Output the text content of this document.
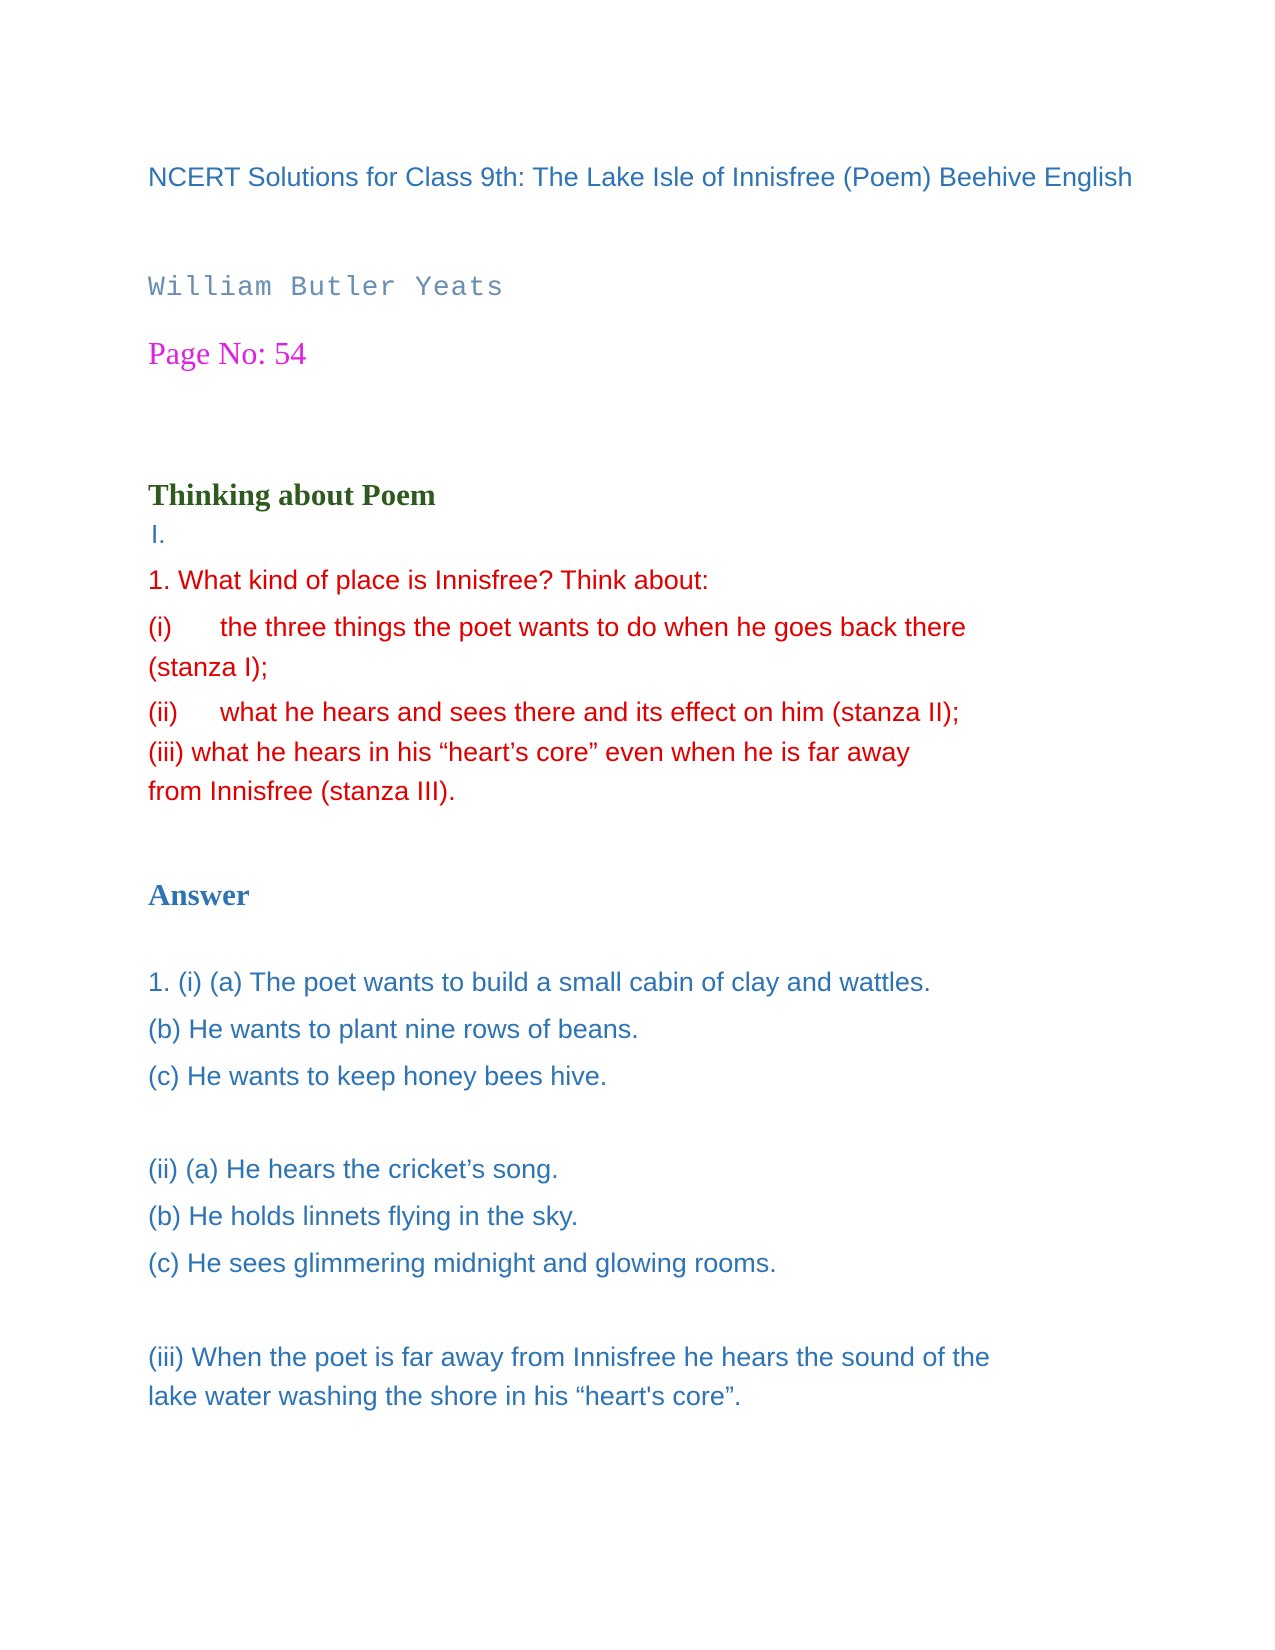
NCERT Solutions for Class 9th: The Lake Isle of Innisfree (Poem) Beehive English

William Butler Yeats

Page No: 54

Thinking about Poem

I.

1. What kind of place is Innisfree? Think about:

(i) the three things the poet wants to do when he goes back there
(stanza I);
(ii) what he hears and sees there and its effect on him (stanza II);
(iii) what he hears in his “heart’s core” even when he is far away
from Innisfree (stanza III).

Answer

1. (i) (a) The poet wants to build a small cabin of clay and wattles.

(b) He wants to plant nine rows of beans.

(c) He wants to keep honey bees hive.

(ii) (a) He hears the cricket’s song.

(b) He holds linnets flying in the sky.

(c) He sees glimmering midnight and glowing rooms.

(iii) When the poet is far away from Innisfree he hears the sound of the

lake water washing the shore in his “heart's core”.
